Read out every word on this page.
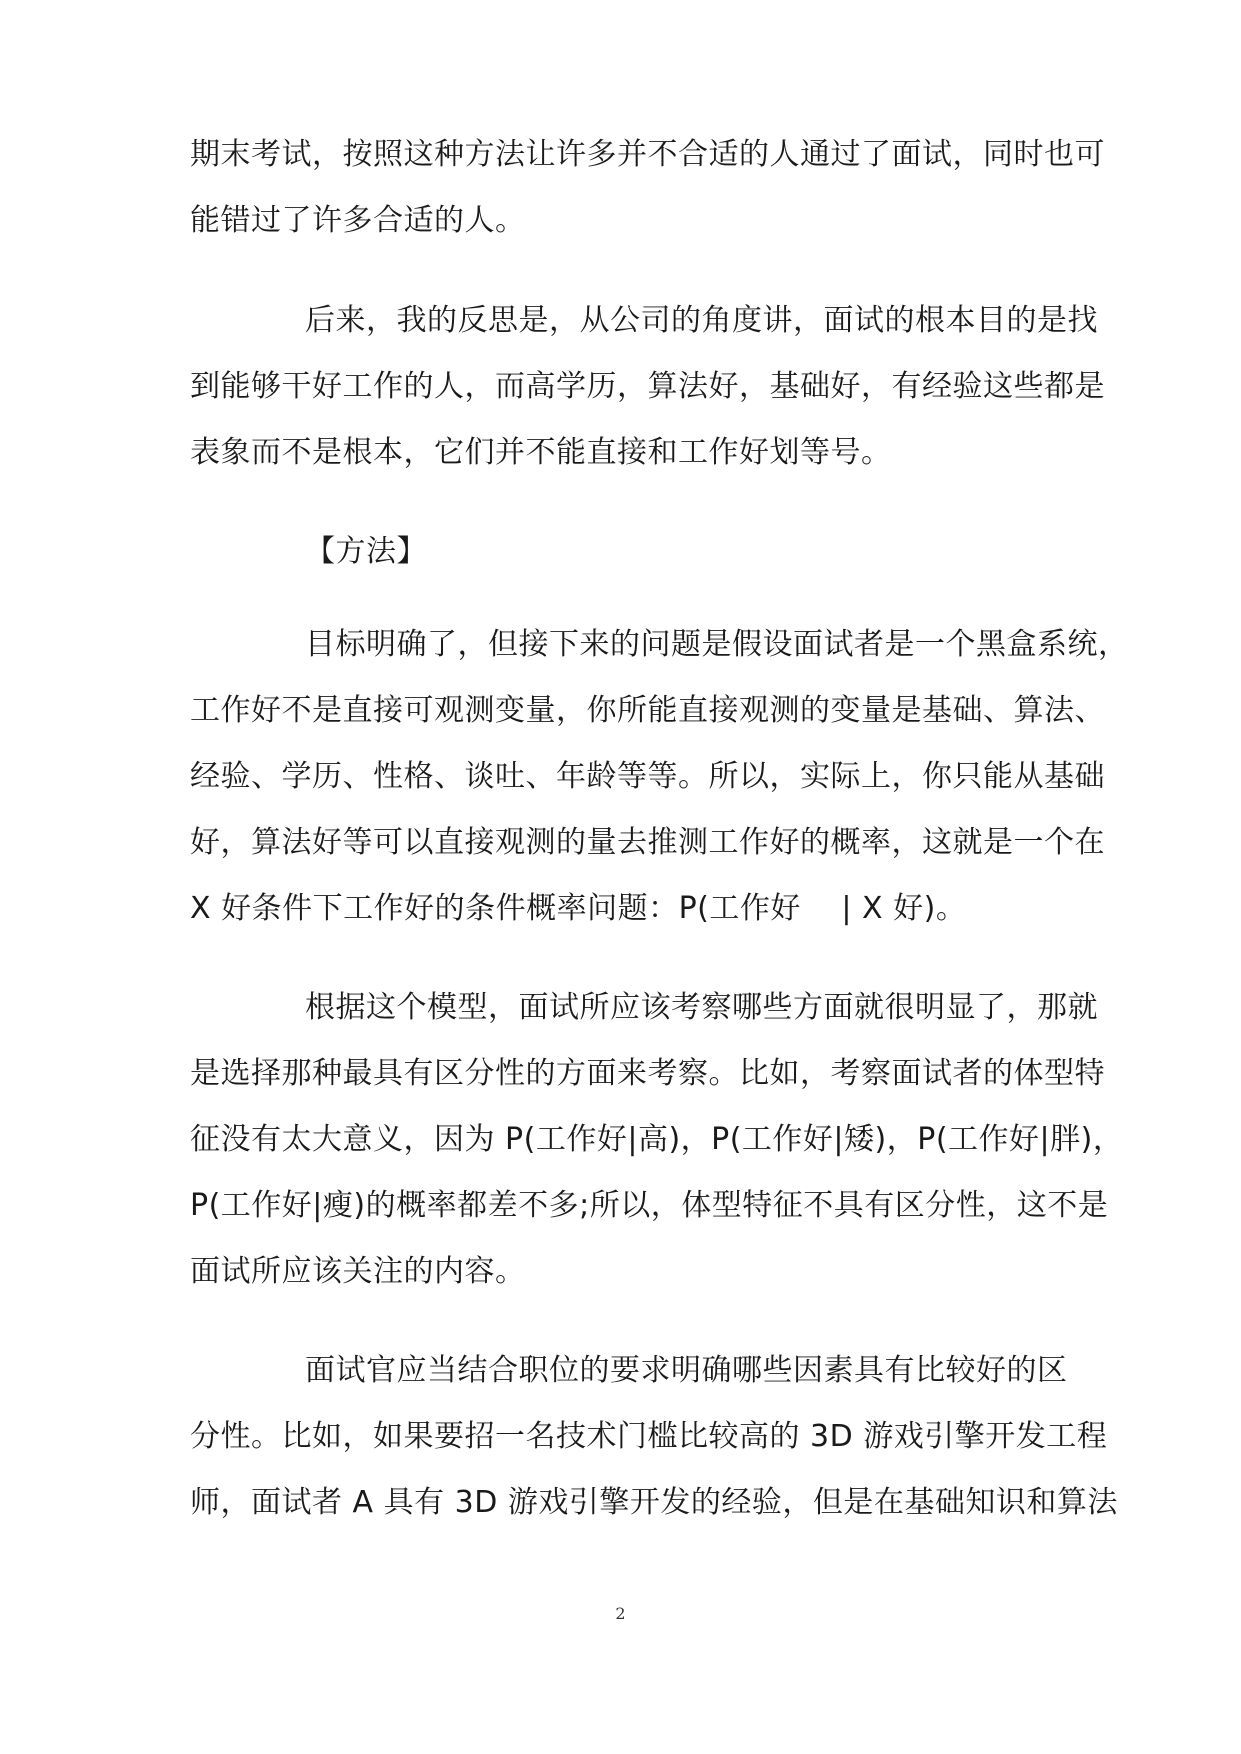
期末考试，按照这种方法让许多并不合适的人通过了面试，同时也可
能错过了许多合适的人。
后来，我的反思是，从公司的角度讲，面试的根本目的是找
到能够干好工作的人，而高学历，算法好，基础好，有经验这些都是
表象而不是根本，它们并不能直接和工作好划等号。
【方法】
目标明确了，但接下来的问题是假设面试者是一个黑盒系统，
工作好不是直接可观测变量，你所能直接观测的变量是基础、算法、
经验、学历、性格、谈吐、年龄等等。所以，实际上，你只能从基础
好，算法好等可以直接观测的量去推测工作好的概率，这就是一个在
X 好条件下工作好的条件概率问题：P(工作好　 | X 好)。
根据这个模型，面试所应该考察哪些方面就很明显了，那就
是选择那种最具有区分性的方面来考察。比如，考察面试者的体型特
征没有太大意义，因为 P(工作好|高)，P(工作好|矮)，P(工作好|胖)，
P(工作好|瘦)的概率都差不多;所以，体型特征不具有区分性，这不是
面试所应该关注的内容。
面试官应当结合职位的要求明确哪些因素具有比较好的区
分性。比如，如果要招一名技术门槛比较高的 3D 游戏引擎开发工程
师，面试者 A 具有 3D 游戏引擎开发的经验，但是在基础知识和算法
2
